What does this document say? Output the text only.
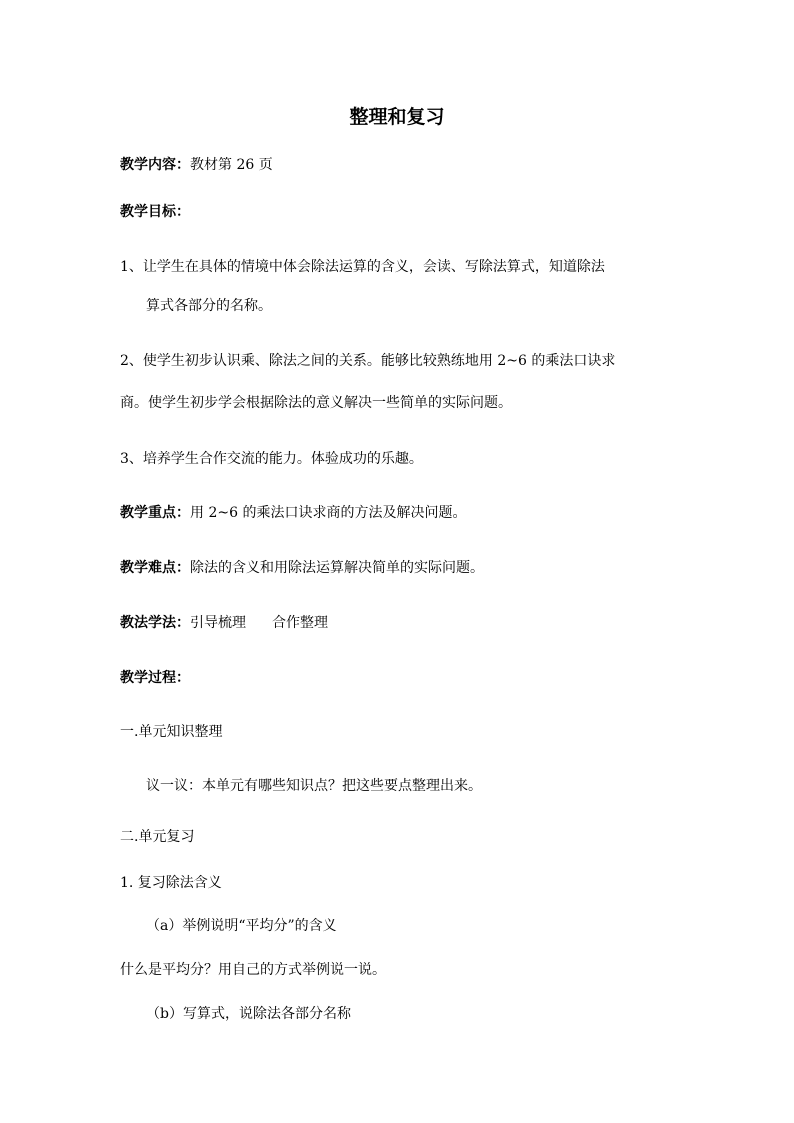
整理和复习
教学内容：教材第 26 页
教学目标：
1、让学生在具体的情境中体会除法运算的含义，会读、写除法算式，知道除法
算式各部分的名称。
2、使学生初步认识乘、除法之间的关系。能够比较熟练地用 2~6 的乘法口诀求
商。使学生初步学会根据除法的意义解决一些简单的实际问题。
3、培养学生合作交流的能力。体验成功的乐趣。
教学重点：用 2~6 的乘法口诀求商的方法及解决问题。
教学难点：除法的含义和用除法运算解决简单的实际问题。
教法学法：引导梳理 合作整理
教学过程：
一.单元知识整理
议一议：本单元有哪些知识点？把这些要点整理出来。
二.单元复习
1. 复习除法含义
（a）举例说明“平均分”的含义
什么是平均分？用自己的方式举例说一说。
（b）写算式，说除法各部分名称
